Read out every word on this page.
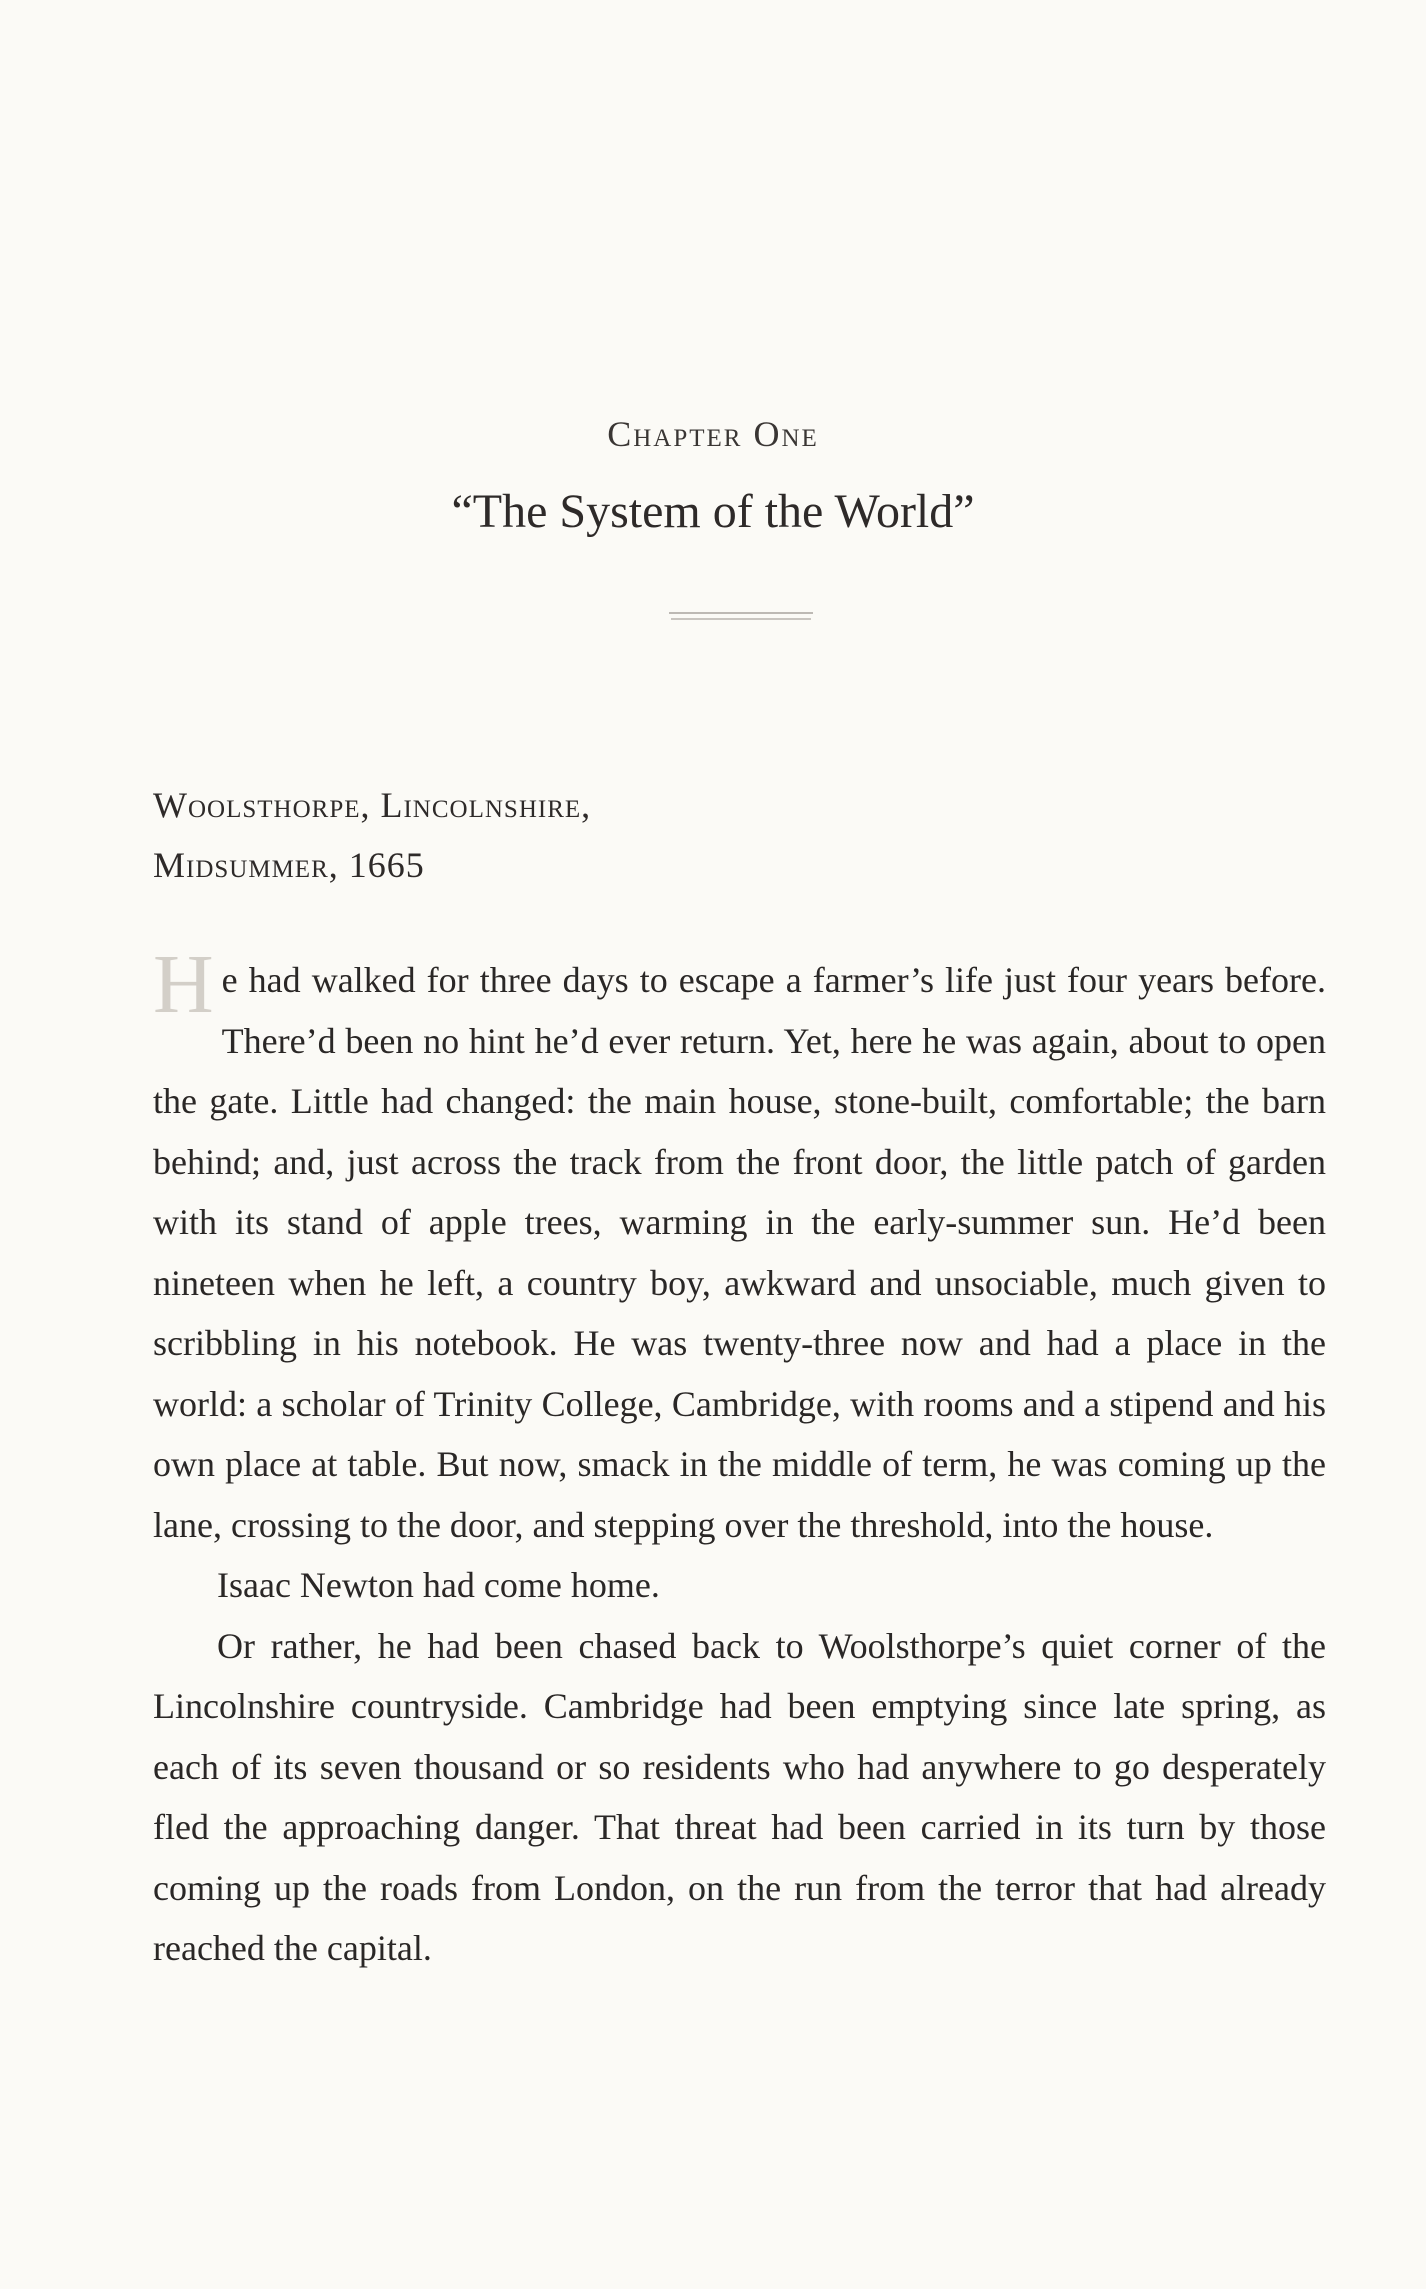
Chapter One
“The System of the World”
Woolsthorpe, Lincolnshire,
Midsummer, 1665

He had walked for three days to escape a farmer’s life just four years before. There’d been no hint he’d ever return. Yet, here he was again, about to open the gate. Little had changed: the main house, stone-built, comfortable; the barn behind; and, just across the track from the front door, the little patch of garden with its stand of apple trees, warming in the early-summer sun. He’d been nineteen when he left, a country boy, awkward and unsociable, much given to scribbling in his notebook. He was twenty-three now and had a place in the world: a scholar of Trinity College, Cambridge, with rooms and a stipend and his own place at table. But now, smack in the middle of term, he was coming up the lane, crossing to the door, and stepping over the threshold, into the house.

Isaac Newton had come home.

Or rather, he had been chased back to Woolsthorpe’s quiet corner of the Lincolnshire countryside. Cambridge had been emptying since late spring, as each of its seven thousand or so residents who had anywhere to go desperately fled the approaching danger. That threat had been carried in its turn by those coming up the roads from London, on the run from the terror that had already reached the capital.
